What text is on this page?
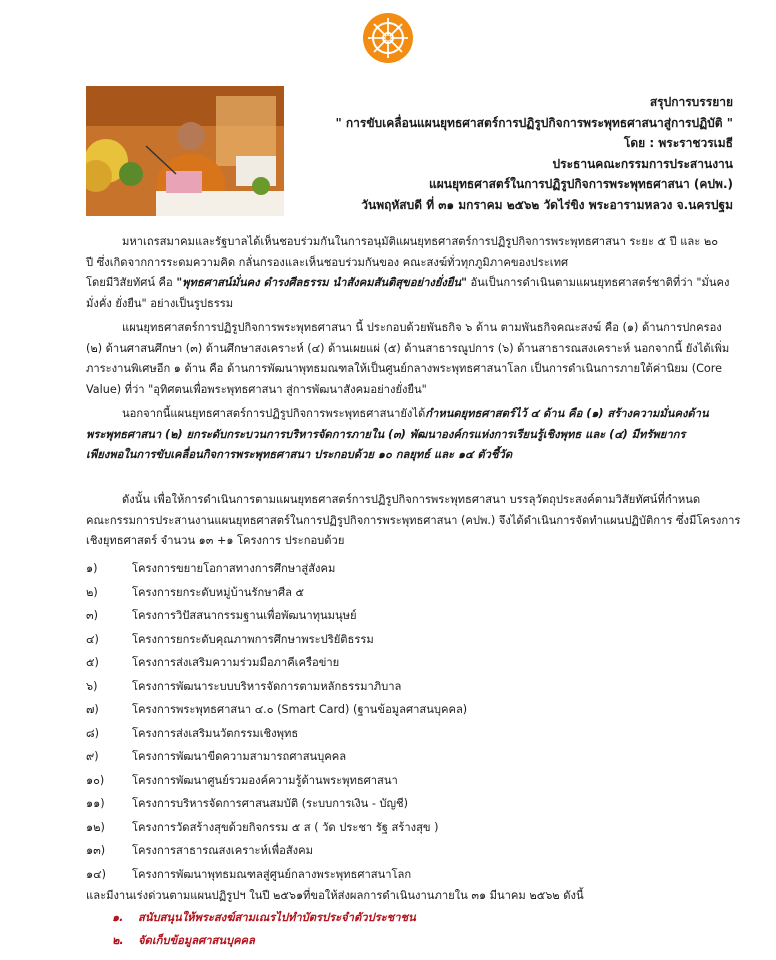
สรุปการบรรยาย
" การขับเคลื่อนแผนยุทธศาสตร์การปฏิรูปกิจการพระพุทธศาสนาสู่การปฏิบัติ "
โดย : พระราชวรเมธี
ประธานคณะกรรมการประสานงาน
แผนยุทธศาสตร์ในการปฏิรูปกิจการพระพุทธศาสนา (คปพ.)
วันพฤหัสบดี ที่ ๓๑ มกราคม ๒๕๖๒ วัดไร่ขิง พระอารามหลวง จ.นครปฐม
มหาเถรสมาคมและรัฐบาลได้เห็นชอบร่วมกันในการอนุมัติแผนยุทธศาสตร์การปฏิรูปกิจการพระพุทธศาสนา ระยะ ๕ ปี และ ๒๐
ปี ซึ่งเกิดจากการระดมความคิด กลั่นกรองและเห็นชอบร่วมกันของ คณะสงฆ์ทั่วทุกภูมิภาคของประเทศ
โดยมีวิสัยทัศน์ คือ "พุทธศาสน์มั่นคง ดำรงศีลธรรม นำสังคมสันติสุขอย่างยั่งยืน" อันเป็นการดำเนินตามแผนยุทธศาสตร์ชาติที่ว่า "มั่นคง
มั่งคั่ง ยั่งยืน" อย่างเป็นรูปธรรม
แผนยุทธศาสตร์การปฏิรูปกิจการพระพุทธศาสนา นี้ ประกอบด้วยพันธกิจ ๖ ด้าน ตามพันธกิจคณะสงฆ์ คือ (๑) ด้านการปกครอง
(๒) ด้านศาสนศึกษา (๓) ด้านศึกษาสงเคราะห์ (๔) ด้านเผยแผ่ (๕) ด้านสาธารณูปการ (๖) ด้านสาธารณสงเคราะห์ นอกจากนี้ ยังได้เพิ่ม
ภาระงานพิเศษอีก ๑ ด้าน คือ ด้านการพัฒนาพุทธมณฑลให้เป็นศูนย์กลางพระพุทธศาสนาโลก เป็นการดำเนินการภายใต้ค่านิยม (Core
Value) ที่ว่า "อุทิศตนเพื่อพระพุทธศาสนา สู่การพัฒนาสังคมอย่างยั่งยืน"
นอกจากนี้แผนยุทธศาสตร์การปฏิรูปกิจการพระพุทธศาสนายังได้กำหนดยุทธศาสตร์ไว้ ๔ ด้าน คือ (๑) สร้างความมั่นคงด้าน
พระพุทธศาสนา (๒) ยกระดับกระบวนการบริหารจัดการภายใน (๓) พัฒนาองค์กรแห่งการเรียนรู้เชิงพุทธ และ (๔) มีทรัพยากร
เพียงพอในการขับเคลื่อนกิจการพระพุทธศาสนา ประกอบด้วย ๑๐ กลยุทธ์ และ ๑๔ ตัวชี้วัด
ดังนั้น เพื่อให้การดำเนินการตามแผนยุทธศาสตร์การปฏิรูปกิจการพระพุทธศาสนา บรรลุวัตถุประสงค์ตามวิสัยทัศน์ที่กำหนด
คณะกรรมการประสานงานแผนยุทธศาสตร์ในการปฏิรูปกิจการพระพุทธศาสนา (คปพ.) จึงได้ดำเนินการจัดทำแผนปฏิบัติการ ซึ่งมีโครงการ
เชิงยุทธศาสตร์ จำนวน ๑๓ +๑ โครงการ ประกอบด้วย
๑)	โครงการขยายโอกาสทางการศึกษาสู่สังคม
๒)	โครงการยกระดับหมู่บ้านรักษาศีล ๕
๓)	โครงการวิปัสสนากรรมฐานเพื่อพัฒนาทุนมนุษย์
๔)	โครงการยกระดับคุณภาพการศึกษาพระปริยัติธรรม
๕)	โครงการส่งเสริมความร่วมมือภาคีเครือข่าย
๖)	โครงการพัฒนาระบบบริหารจัดการตามหลักธรรมาภิบาล
๗)	โครงการพระพุทธศาสนา ๔.๐ (Smart Card) (ฐานข้อมูลศาสนบุคคล)
๘)	โครงการส่งเสริมนวัตกรรมเชิงพุทธ
๙)	โครงการพัฒนาขีดความสามารถศาสนบุคคล
๑๐) โครงการพัฒนาศูนย์รวมองค์ความรู้ด้านพระพุทธศาสนา
๑๑) โครงการบริหารจัดการศาสนสมบัติ (ระบบการเงิน - บัญชี)
๑๒) โครงการวัดสร้างสุขด้วยกิจกรรม ๕ ส ( วัด ประชา รัฐ สร้างสุข )
๑๓) โครงการสาธารณสงเคราะห์เพื่อสังคม
๑๔) โครงการพัฒนาพุทธมณฑลสู่ศูนย์กลางพระพุทธศาสนาโลก
และมีงานเร่งด่วนตามแผนปฏิรูปฯ ในปี ๒๕๖๑ที่ขอให้ส่งผลการดำเนินงานภายใน ๓๑ มีนาคม ๒๕๖๒ ดังนี้
๑. สนับสนุนให้พระสงฆ์สามเณรไปทำบัตรประจำตัวประชาชน
๒. จัดเก็บข้อมูลศาสนบุคคล
